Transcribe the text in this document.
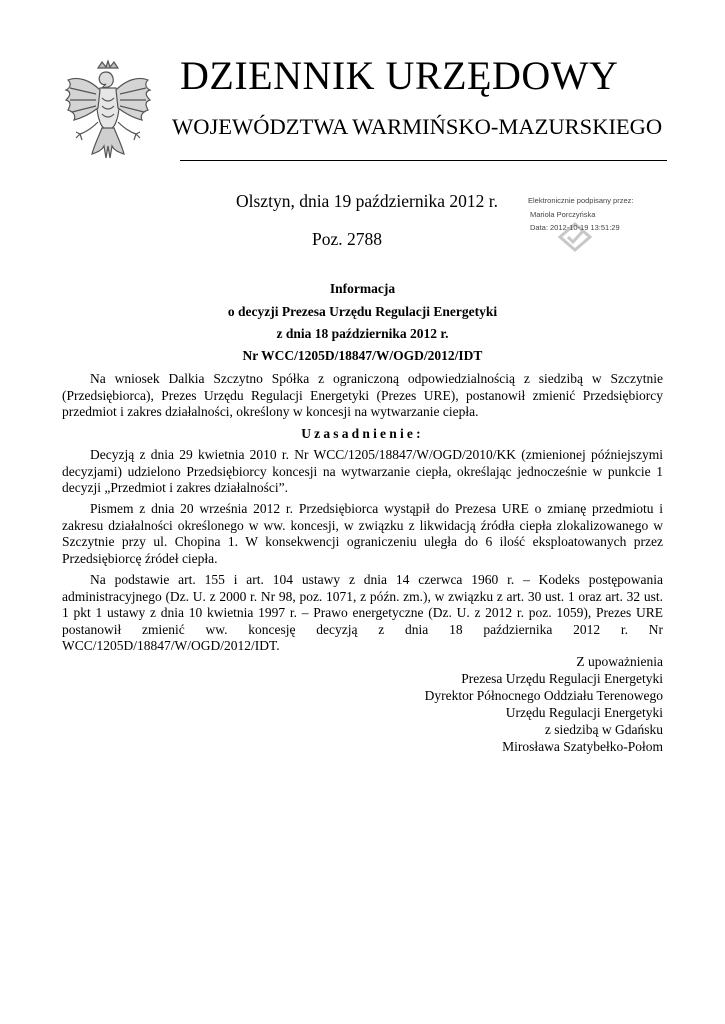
DZIENNIK URZĘDOWY
WOJEWÓDZTWA WARMIŃSKO-MAZURSKIEGO
Olsztyn, dnia 19 października 2012 r.
Poz. 2788
Elektronicznie podpisany przez:
Mariola Porczyńska
Data: 2012-10-19 13:51:29
Informacja
o decyzji Prezesa Urzędu Regulacji Energetyki
z dnia 18 października 2012 r.
Nr WCC/1205D/18847/W/OGD/2012/IDT
Na wniosek Dalkia Szczytno Spółka z ograniczoną odpowiedzialnością z siedzibą w Szczytnie (Przedsiębiorca), Prezes Urzędu Regulacji Energetyki (Prezes URE), postanowił zmienić Przedsiębiorcy przedmiot i zakres działalności, określony w koncesji na wytwarzanie ciepła.
Uzasadnienie:
Decyzją z dnia 29 kwietnia 2010 r. Nr WCC/1205/18847/W/OGD/2010/KK (zmienionej późniejszymi decyzjami) udzielono Przedsiębiorcy koncesji na wytwarzanie ciepła, określając jednocześnie w punkcie 1 decyzji „Przedmiot i zakres działalności”.
Pismem z dnia 20 września 2012 r. Przedsiębiorca wystąpił do Prezesa URE o zmianę przedmiotu i zakresu działalności określonego w ww. koncesji, w związku z likwidacją źródła ciepła zlokalizowanego w Szczytnie przy ul. Chopina 1. W konsekwencji ograniczeniu uległa do 6 ilość eksploatowanych przez Przedsiębiorcę źródeł ciepła.
Na podstawie art. 155 i art. 104 ustawy z dnia 14 czerwca 1960 r. – Kodeks postępowania administracyjnego (Dz. U. z 2000 r. Nr 98, poz. 1071, z późn. zm.), w związku z art. 30 ust. 1 oraz art. 32 ust. 1 pkt 1 ustawy z dnia 10 kwietnia 1997 r. – Prawo energetyczne (Dz. U. z 2012 r. poz. 1059), Prezes URE postanowił zmienić ww. koncesję decyzją z dnia 18 października 2012 r. Nr WCC/1205D/18847/W/OGD/2012/IDT.
Z upoważnienia
Prezesa Urzędu Regulacji Energetyki
Dyrektor Północnego Oddziału Terenowego
Urzędu Regulacji Energetyki
z siedzibą w Gdańsku
Mirosława Szatybełko-Połom
